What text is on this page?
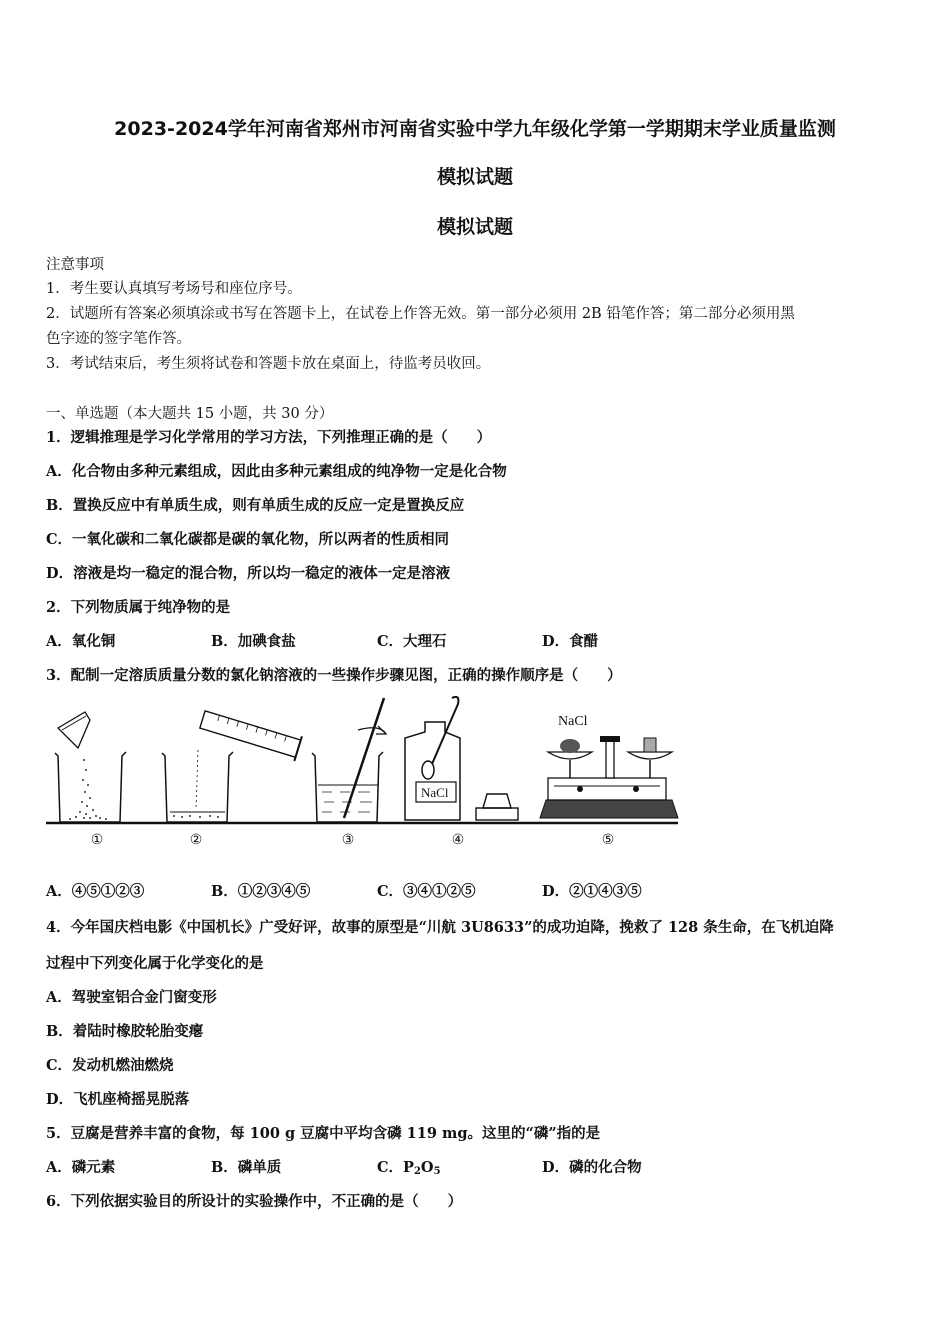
2023-2024学年河南省郑州市河南省实验中学九年级化学第一学期期末学业质量监测
模拟试题
模拟试题
注意事项
1．考生要认真填写考场号和座位序号。
2．试题所有答案必须填涂或书写在答题卡上，在试卷上作答无效。第一部分必须用 2B 铅笔作答；第二部分必须用黑
色字迹的签字笔作答。
3．考试结束后，考生须将试卷和答题卡放在桌面上，待监考员收回。
一、单选题（本大题共 15 小题，共 30 分）
1．逻辑推理是学习化学常用的学习方法，下列推理正确的是（　　）
A．化合物由多种元素组成，因此由多种元素组成的纯净物一定是化合物
B．置换反应中有单质生成，则有单质生成的反应一定是置换反应
C．一氧化碳和二氧化碳都是碳的氧化物，所以两者的性质相同
D．溶液是均一稳定的混合物，所以均一稳定的液体一定是溶液
2．下列物质属于纯净物的是
A．氧化铜	B．加碘食盐	C．大理石	D．食醋
3．配制一定溶质质量分数的氯化钠溶液的一些操作步骤见图，正确的操作顺序是（　　）
NaCl
NaCl
①	②	③	④	⑤
A．④⑤①②③	B．①②③④⑤	C．③④①②⑤	D．②①④③⑤
4．今年国庆档电影《中国机长》广受好评，故事的原型是“川航 3U8633”的成功迫降，挽救了 128 条生命，在飞机迫降
过程中下列变化属于化学变化的是
A．驾驶室铝合金门窗变形
B．着陆时橡胶轮胎变瘪
C．发动机燃油燃烧
D．飞机座椅摇晃脱落
5．豆腐是营养丰富的食物，每 100 g 豆腐中平均含磷 119 mg。这里的“磷”指的是
A．磷元素	B．磷单质	C．$P_2O_5$	D．磷的化合物
6．下列依据实验目的所设计的实验操作中，不正确的是（　　）
